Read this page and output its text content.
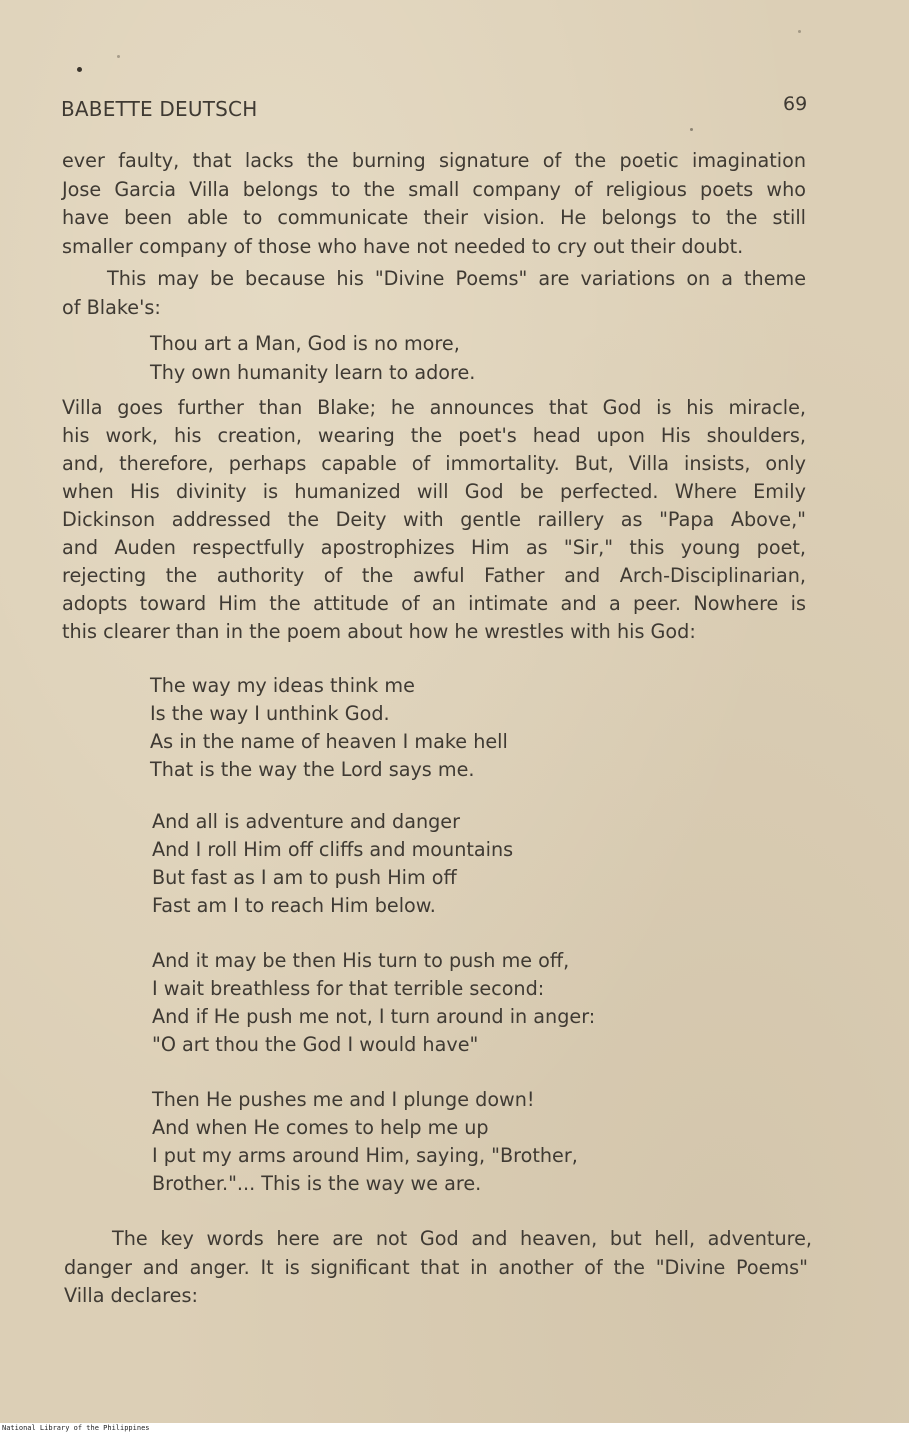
BABETTE DEUTSCH	69
ever faulty, that lacks the burning signature of the poetic imagination
Jose Garcia Villa belongs to the small company of religious poets who
have been able to communicate their vision. He belongs to the still
smaller company of those who have not needed to cry out their doubt.
This may be because his "Divine Poems" are variations on a theme
of Blake's:
Thou art a Man, God is no more,
Thy own humanity learn to adore.
Villa goes further than Blake; he announces that God is his miracle,
his work, his creation, wearing the poet's head upon His shoulders,
and, therefore, perhaps capable of immortality. But, Villa insists, only
when His divinity is humanized will God be perfected. Where Emily
Dickinson addressed the Deity with gentle raillery as "Papa Above,"
and Auden respectfully apostrophizes Him as "Sir," this young poet,
rejecting the authority of the awful Father and Arch-Disciplinarian,
adopts toward Him the attitude of an intimate and a peer. Nowhere is
this clearer than in the poem about how he wrestles with his God:
The way my ideas think me
Is the way I unthink God.
As in the name of heaven I make hell
That is the way the Lord says me.
And all is adventure and danger
And I roll Him off cliffs and mountains
But fast as I am to push Him off
Fast am I to reach Him below.
And it may be then His turn to push me off,
I wait breathless for that terrible second:
And if He push me not, I turn around in anger:
"O art thou the God I would have"
Then He pushes me and I plunge down!
And when He comes to help me up
I put my arms around Him, saying, "Brother,
Brother."... This is the way we are.
The key words here are not God and heaven, but hell, adventure,
danger and anger. It is significant that in another of the "Divine Poems"
Villa declares:
National Library of the Philippines
